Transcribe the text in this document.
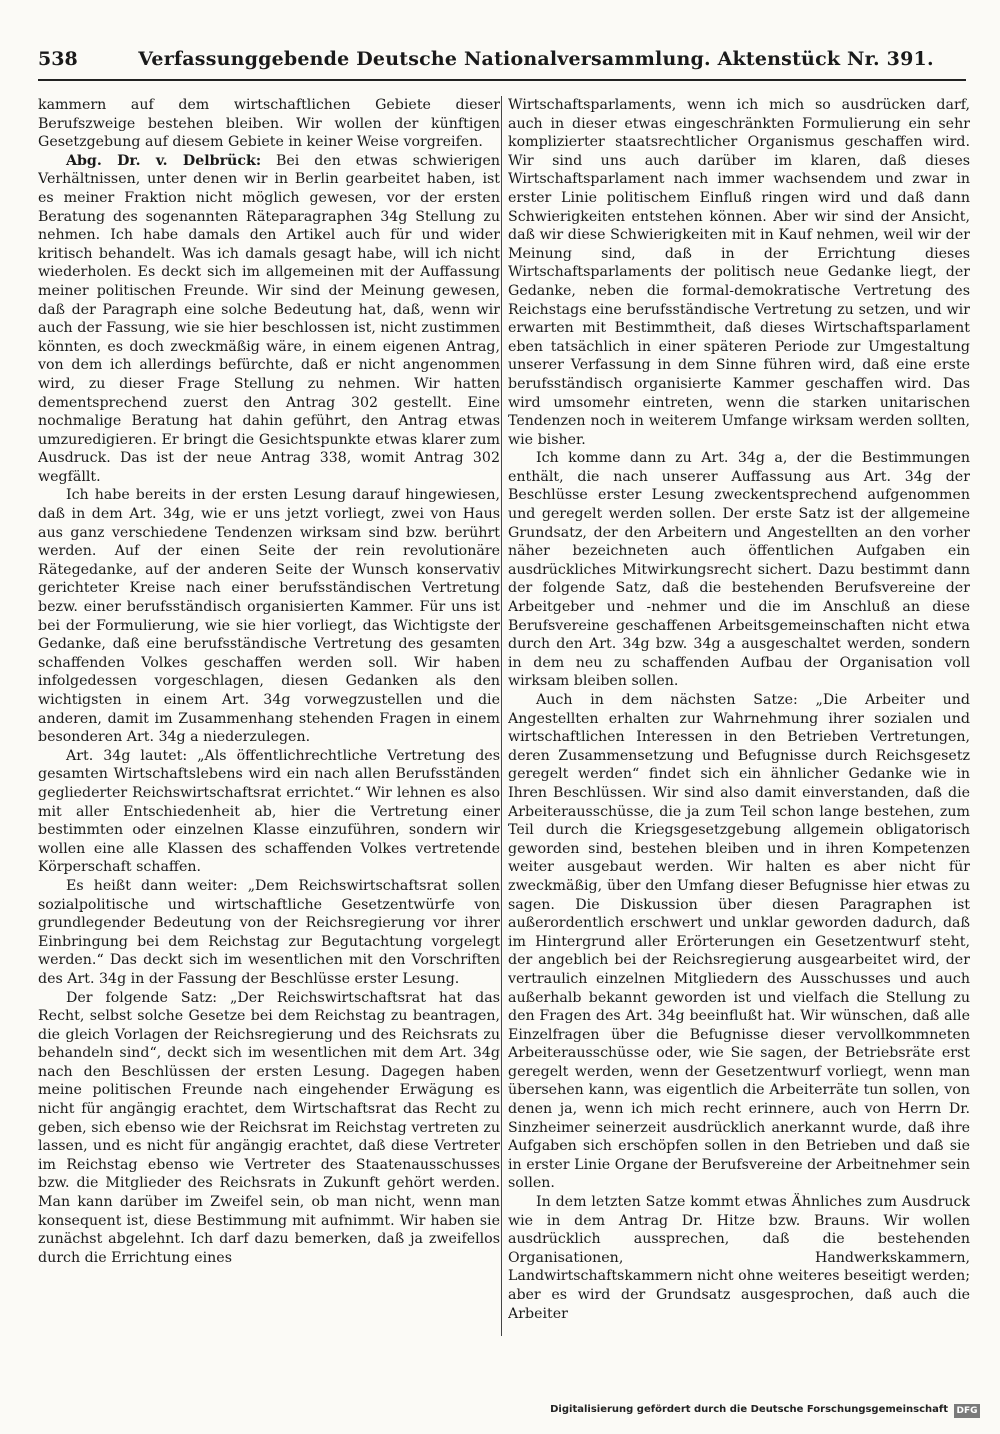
538	Verfassunggebende Deutsche Nationalversammlung. Aktenstück Nr. 391.

kammern auf dem wirtschaftlichen Gebiete dieser Berufszweige bestehen bleiben. Wir wollen der künftigen Gesetzgebung auf diesem Gebiete in keiner Weise vorgreifen.

Abg. Dr. v. Delbrück: Bei den etwas schwierigen Verhältnissen, unter denen wir in Berlin gearbeitet haben, ist es meiner Fraktion nicht möglich gewesen, vor der ersten Beratung des sogenannten Räteparagraphen 34g Stellung zu nehmen. Ich habe damals den Artikel auch für und wider kritisch behandelt. Was ich damals gesagt habe, will ich nicht wiederholen. Es deckt sich im allgemeinen mit der Auffassung meiner politischen Freunde. Wir sind der Meinung gewesen, daß der Paragraph eine solche Bedeutung hat, daß, wenn wir auch der Fassung, wie sie hier beschlossen ist, nicht zustimmen könnten, es doch zweckmäßig wäre, in einem eigenen Antrag, von dem ich allerdings befürchte, daß er nicht angenommen wird, zu dieser Frage Stellung zu nehmen. Wir hatten dementsprechend zuerst den Antrag 302 gestellt. Eine nochmalige Beratung hat dahin geführt, den Antrag etwas umzuredigieren. Er bringt die Gesichtspunkte etwas klarer zum Ausdruck. Das ist der neue Antrag 338, womit Antrag 302 wegfällt.

Ich habe bereits in der ersten Lesung darauf hingewiesen, daß in dem Art. 34g, wie er uns jetzt vorliegt, zwei von Haus aus ganz verschiedene Tendenzen wirksam sind bzw. berührt werden. Auf der einen Seite der rein revolutionäre Rätegedanke, auf der anderen Seite der Wunsch konservativ gerichteter Kreise nach einer berufsständischen Vertretung bezw. einer berufsständisch organisierten Kammer. Für uns ist bei der Formulierung, wie sie hier vorliegt, das Wichtigste der Gedanke, daß eine berufsständische Vertretung des gesamten schaffenden Volkes geschaffen werden soll. Wir haben infolgedessen vorgeschlagen, diesen Gedanken als den wichtigsten in einem Art. 34g vorwegzustellen und die anderen, damit im Zusammenhang stehenden Fragen in einem besonderen Art. 34g a niederzulegen.

Art. 34g lautet: „Als öffentlichrechtliche Vertretung des gesamten Wirtschaftslebens wird ein nach allen Berufsständen gegliederter Reichswirtschaftsrat errichtet.“ Wir lehnen es also mit aller Entschiedenheit ab, hier die Vertretung einer bestimmten oder einzelnen Klasse einzuführen, sondern wir wollen eine alle Klassen des schaffenden Volkes vertretende Körperschaft schaffen.

Es heißt dann weiter: „Dem Reichswirtschaftsrat sollen sozialpolitische und wirtschaftliche Gesetzentwürfe von grundlegender Bedeutung von der Reichsregierung vor ihrer Einbringung bei dem Reichstag zur Begutachtung vorgelegt werden.“ Das deckt sich im wesentlichen mit den Vorschriften des Art. 34g in der Fassung der Beschlüsse erster Lesung.

Der folgende Satz: „Der Reichswirtschaftsrat hat das Recht, selbst solche Gesetze bei dem Reichstag zu beantragen, die gleich Vorlagen der Reichsregierung und des Reichsrats zu behandeln sind“, deckt sich im wesentlichen mit dem Art. 34g nach den Beschlüssen der ersten Lesung. Dagegen haben meine politischen Freunde nach eingehender Erwägung es nicht für angängig erachtet, dem Wirtschaftsrat das Recht zu geben, sich ebenso wie der Reichsrat im Reichstag vertreten zu lassen, und es nicht für angängig erachtet, daß diese Vertreter im Reichstag ebenso wie Vertreter des Staatenausschusses bzw. die Mitglieder des Reichsrats in Zukunft gehört werden. Man kann darüber im Zweifel sein, ob man nicht, wenn man konsequent ist, diese Bestimmung mit aufnimmt. Wir haben sie zunächst abgelehnt. Ich darf dazu bemerken, daß ja zweifellos durch die Errichtung eines

Wirtschaftsparlaments, wenn ich mich so ausdrücken darf, auch in dieser etwas eingeschränkten Formulierung ein sehr komplizierter staatsrechtlicher Organismus geschaffen wird. Wir sind uns auch darüber im klaren, daß dieses Wirtschaftsparlament nach immer wachsendem und zwar in erster Linie politischem Einfluß ringen wird und daß dann Schwierigkeiten entstehen können. Aber wir sind der Ansicht, daß wir diese Schwierigkeiten mit in Kauf nehmen, weil wir der Meinung sind, daß in der Errichtung dieses Wirtschaftsparlaments der politisch neue Gedanke liegt, der Gedanke, neben die formal-demokratische Vertretung des Reichstags eine berufsständische Vertretung zu setzen, und wir erwarten mit Bestimmtheit, daß dieses Wirtschaftsparlament eben tatsächlich in einer späteren Periode zur Umgestaltung unserer Verfassung in dem Sinne führen wird, daß eine erste berufsständisch organisierte Kammer geschaffen wird. Das wird umsomehr eintreten, wenn die starken unitarischen Tendenzen noch in weiterem Umfange wirksam werden sollten, wie bisher.

Ich komme dann zu Art. 34g a, der die Bestimmungen enthält, die nach unserer Auffassung aus Art. 34g der Beschlüsse erster Lesung zweckentsprechend aufgenommen und geregelt werden sollen. Der erste Satz ist der allgemeine Grundsatz, der den Arbeitern und Angestellten an den vorher näher bezeichneten auch öffentlichen Aufgaben ein ausdrückliches Mitwirkungsrecht sichert. Dazu bestimmt dann der folgende Satz, daß die bestehenden Berufsvereine der Arbeitgeber und -nehmer und die im Anschluß an diese Berufsvereine geschaffenen Arbeitsgemeinschaften nicht etwa durch den Art. 34g bzw. 34g a ausgeschaltet werden, sondern in dem neu zu schaffenden Aufbau der Organisation voll wirksam bleiben sollen.

Auch in dem nächsten Satze: „Die Arbeiter und Angestellten erhalten zur Wahrnehmung ihrer sozialen und wirtschaftlichen Interessen in den Betrieben Vertretungen, deren Zusammensetzung und Befugnisse durch Reichsgesetz geregelt werden“ findet sich ein ähnlicher Gedanke wie in Ihren Beschlüssen. Wir sind also damit einverstanden, daß die Arbeiterausschüsse, die ja zum Teil schon lange bestehen, zum Teil durch die Kriegsgesetzgebung allgemein obligatorisch geworden sind, bestehen bleiben und in ihren Kompetenzen weiter ausgebaut werden. Wir halten es aber nicht für zweckmäßig, über den Umfang dieser Befugnisse hier etwas zu sagen. Die Diskussion über diesen Paragraphen ist außerordentlich erschwert und unklar geworden dadurch, daß im Hintergrund aller Erörterungen ein Gesetzentwurf steht, der angeblich bei der Reichsregierung ausgearbeitet wird, der vertraulich einzelnen Mitgliedern des Ausschusses und auch außerhalb bekannt geworden ist und vielfach die Stellung zu den Fragen des Art. 34g beeinflußt hat. Wir wünschen, daß alle Einzelfragen über die Befugnisse dieser vervollkommneten Arbeiterausschüsse oder, wie Sie sagen, der Betriebsräte erst geregelt werden, wenn der Gesetzentwurf vorliegt, wenn man übersehen kann, was eigentlich die Arbeiterräte tun sollen, von denen ja, wenn ich mich recht erinnere, auch von Herrn Dr. Sinzheimer seinerzeit ausdrücklich anerkannt wurde, daß ihre Aufgaben sich erschöpfen sollen in den Betrieben und daß sie in erster Linie Organe der Berufsvereine der Arbeitnehmer sein sollen.

In dem letzten Satze kommt etwas Ähnliches zum Ausdruck wie in dem Antrag Dr. Hitze bzw. Brauns. Wir wollen ausdrücklich aussprechen, daß die bestehenden Organisationen, Handwerkskammern, Landwirtschaftskammern nicht ohne weiteres beseitigt werden; aber es wird der Grundsatz ausgesprochen, daß auch die Arbeiter

Digitalisierung gefördert durch die Deutsche Forschungsgemeinschaft DFG
